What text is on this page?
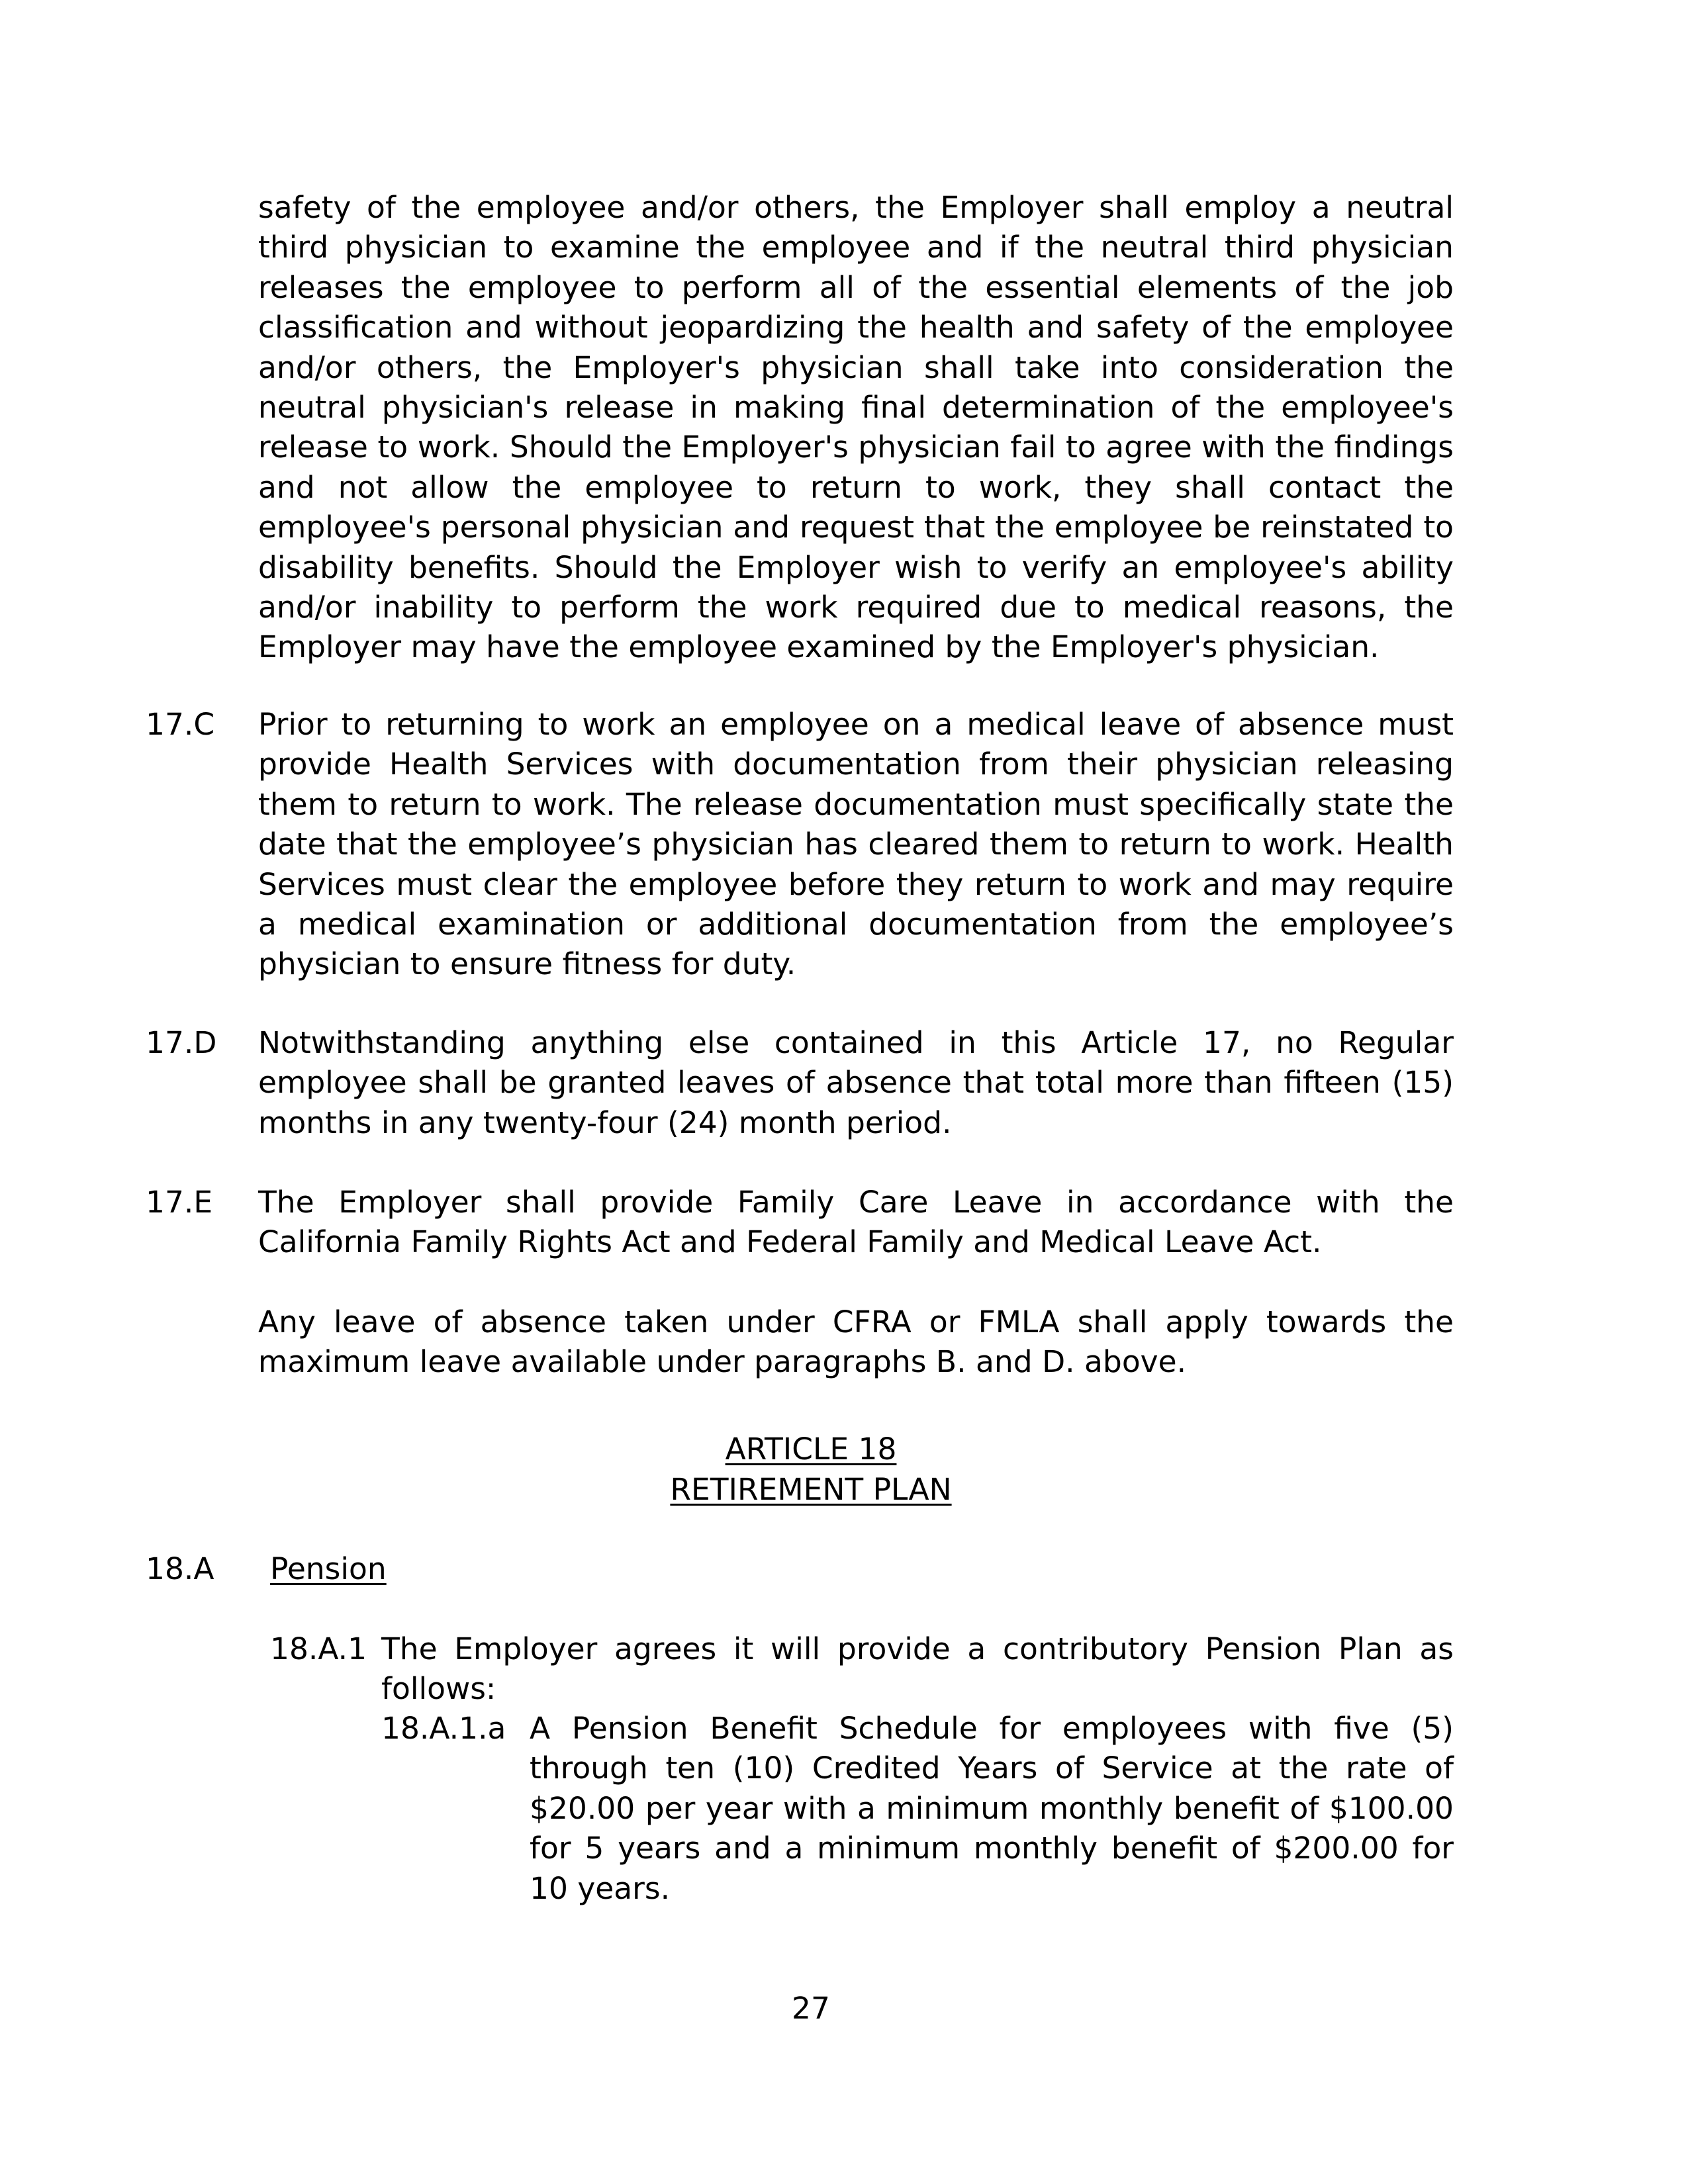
safety of the employee and/or others, the Employer shall employ a neutral third physician to examine the employee and if the neutral third physician releases the employee to perform all of the essential elements of the job classification and without jeopardizing the health and safety of the employee and/or others, the Employer's physician shall take into consideration the neutral physician's release in making final determination of the employee's release to work. Should the Employer's physician fail to agree with the findings and not allow the employee to return to work, they shall contact the employee's personal physician and request that the employee be reinstated to disability benefits. Should the Employer wish to verify an employee's ability and/or inability to perform the work required due to medical reasons, the Employer may have the employee examined by the Employer's physician.

17.C Prior to returning to work an employee on a medical leave of absence must provide Health Services with documentation from their physician releasing them to return to work. The release documentation must specifically state the date that the employee’s physician has cleared them to return to work. Health Services must clear the employee before they return to work and may require a medical examination or additional documentation from the employee’s physician to ensure fitness for duty.

17.D Notwithstanding anything else contained in this Article 17, no Regular employee shall be granted leaves of absence that total more than fifteen (15) months in any twenty-four (24) month period.

17.E The Employer shall provide Family Care Leave in accordance with the California Family Rights Act and Federal Family and Medical Leave Act.

Any leave of absence taken under CFRA or FMLA shall apply towards the maximum leave available under paragraphs B. and D. above.

ARTICLE 18

RETIREMENT PLAN

18.A Pension

18.A.1 The Employer agrees it will provide a contributory Pension Plan as follows:

18.A.1.a A Pension Benefit Schedule for employees with five (5) through ten (10) Credited Years of Service at the rate of $20.00 per year with a minimum monthly benefit of $100.00 for 5 years and a minimum monthly benefit of $200.00 for 10 years.

27
